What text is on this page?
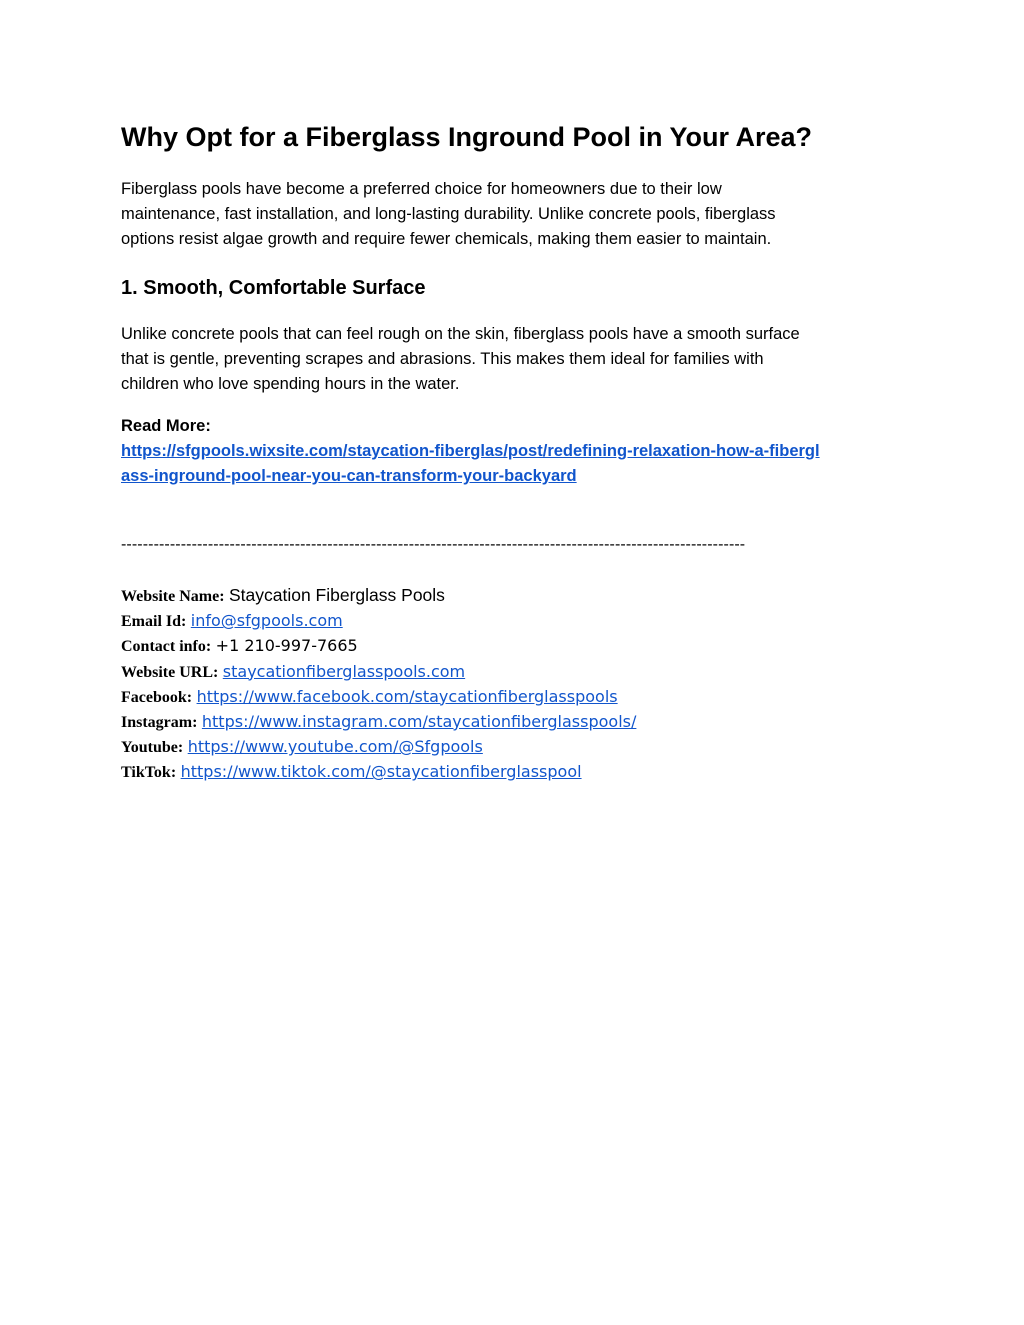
Why Opt for a Fiberglass Inground Pool in Your Area?

Fiberglass pools have become a preferred choice for homeowners due to their low
maintenance, fast installation, and long-lasting durability. Unlike concrete pools, fiberglass
options resist algae growth and require fewer chemicals, making them easier to maintain.

1. Smooth, Comfortable Surface

Unlike concrete pools that can feel rough on the skin, fiberglass pools have a smooth surface
that is gentle, preventing scrapes and abrasions. This makes them ideal for families with
children who love spending hours in the water.

Read More:
https://sfgpools.wixsite.com/staycation-fiberglas/post/redefining-relaxation-how-a-fibergl
ass-inground-pool-near-you-can-transform-your-backyard
-------------------------------------------------------------------------------------------------------------------
Website Name: Staycation Fiberglass Pools
Email Id: info@sfgpools.com
Contact info: +1 210-997-7665
Website URL: staycationfiberglasspools.com
Facebook: https://www.facebook.com/staycationfiberglasspools
Instagram: https://www.instagram.com/staycationfiberglasspools/
Youtube: https://www.youtube.com/@Sfgpools
TikTok: https://www.tiktok.com/@staycationfiberglasspool
